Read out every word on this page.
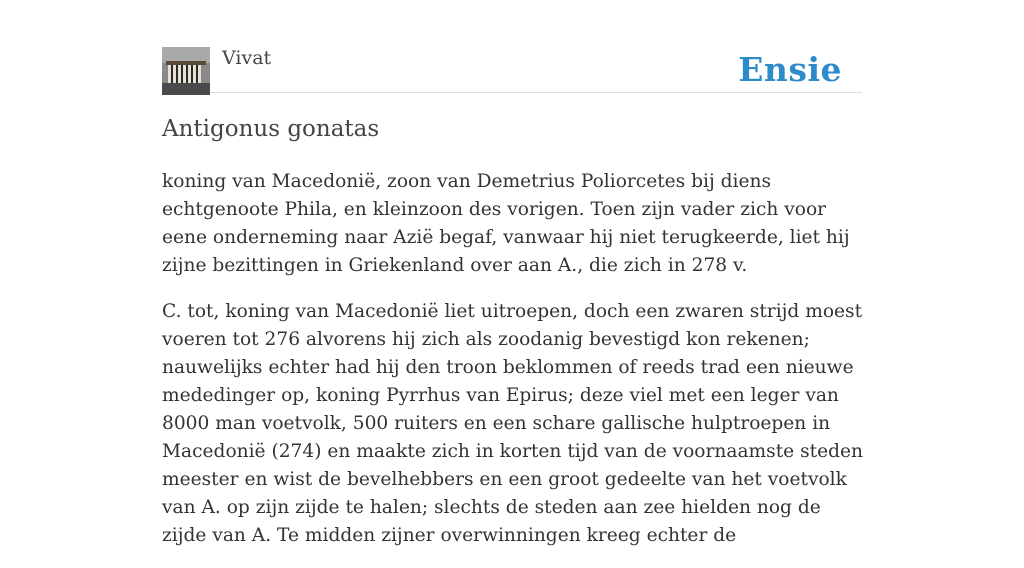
Vivat	Ensie
Antigonus gonatas

koning van Macedonië, zoon van Demetrius Poliorcetes bij diens echtgenoote Phila, en kleinzoon des vorigen. Toen zijn vader zich voor eene onderneming naar Azië begaf, vanwaar hij niet terugkeerde, liet hij zijne bezittingen in Griekenland over aan A., die zich in 278 v.

C. tot, koning van Macedonië liet uitroepen, doch een zwaren strijd moest voeren tot 276 alvorens hij zich als zoodanig bevestigd kon rekenen; nauwelijks echter had hij den troon beklommen of reeds trad een nieuwe mededinger op, koning Pyrrhus van Epirus; deze viel met een leger van 8000 man voetvolk, 500 ruiters en een schare gallische hulptroepen in Macedonië (274) en maakte zich in korten tijd van de voornaamste steden meester en wist de bevelhebbers en een groot gedeelte van het voetvolk van A. op zijn zijde te halen; slechts de steden aan zee hielden nog de zijde van A. Te midden zijner overwinningen kreeg echter de
